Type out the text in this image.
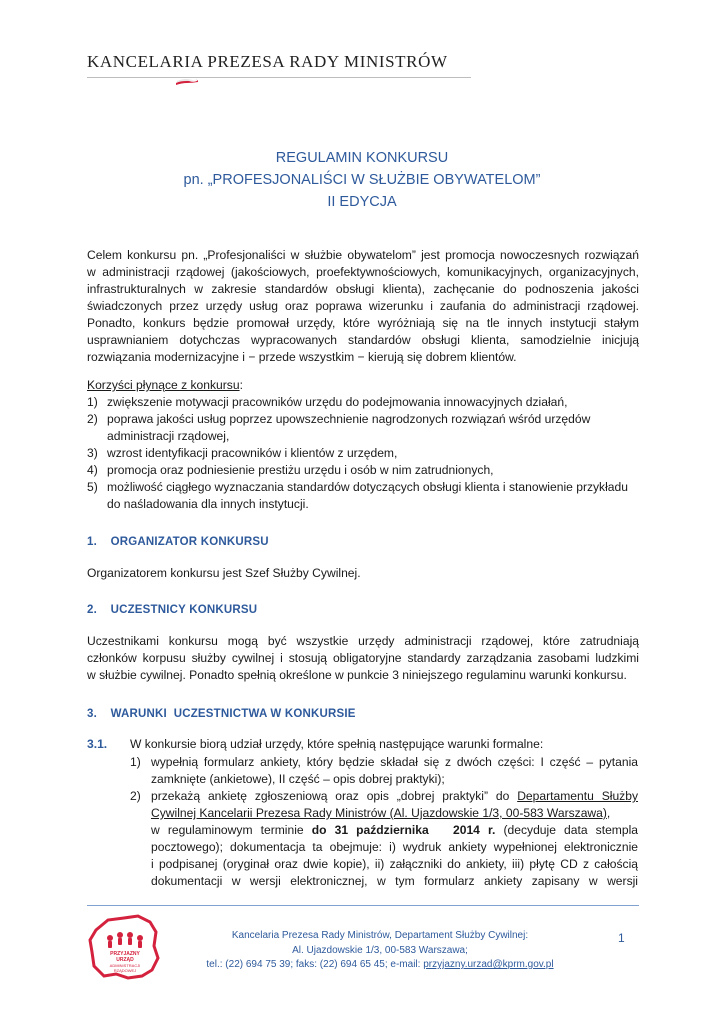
KANCELARIA PREZESA RADY MINISTRÓW
REGULAMIN KONKURSU
pn. „PROFESJONALIŚCI W SŁUŻBIE OBYWATELOM”
II EDYCJA
Celem konkursu pn. „Profesjonaliści w służbie obywatelom” jest promocja nowoczesnych rozwiązań
w administracji rządowej (jakościowych, proefektywnościowych, komunikacyjnych, organizacyjnych,
infrastrukturalnych w zakresie standardów obsługi klienta), zachęcanie do podnoszenia jakości
świadczonych przez urzędy usług oraz poprawa wizerunku i zaufania do administracji rządowej.
Ponadto, konkurs będzie promował urzędy, które wyróżniają się na tle innych instytucji stałym
usprawnianiem dotychczas wypracowanych standardów obsługi klienta, samodzielnie inicjują
rozwiązania modernizacyjne i − przede wszystkim − kierują się dobrem klientów.
Korzyści płynące z konkursu:
1) zwiększenie motywacji pracowników urzędu do podejmowania innowacyjnych działań,
2) poprawa jakości usług poprzez upowszechnienie nagrodzonych rozwiązań wśród urzędów
administracji rządowej,
3) wzrost identyfikacji pracowników i klientów z urzędem,
4) promocja oraz podniesienie prestiżu urzędu i osób w nim zatrudnionych,
5) możliwość ciągłego wyznaczania standardów dotyczących obsługi klienta i stanowienie przykładu
do naśladowania dla innych instytucji.
1.    ORGANIZATOR KONKURSU
Organizatorem konkursu jest Szef Służby Cywilnej.
2.    UCZESTNICY KONKURSU
Uczestnikami konkursu mogą być wszystkie urzędy administracji rządowej, które zatrudniają
członków korpusu służby cywilnej i stosują obligatoryjne standardy zarządzania zasobami ludzkimi
w służbie cywilnej. Ponadto spełnią określone w punkcie 3 niniejszego regulaminu warunki konkursu.
3.    WARUNKI  UCZESTNICTWA W KONKURSIE
3.1. W konkursie biorą udział urzędy, które spełnią następujące warunki formalne:
1) wypełnią formularz ankiety, który będzie składał się z dwóch części: I część – pytania
zamknięte (ankietowe), II część – opis dobrej praktyki);
2) przekażą ankietę zgłoszeniową oraz opis „dobrej praktyki” do Departamentu Służby
Cywilnej Kancelarii Prezesa Rady Ministrów (Al. Ujazdowskie 1/3, 00-583 Warszawa),
w regulaminowym terminie do 31 października   2014 r. (decyduje data stempla
pocztowego); dokumentacja ta obejmuje: i) wydruk ankiety wypełnionej elektronicznie
i podpisanej (oryginał oraz dwie kopie), ii) załączniki do ankiety, iii) płytę CD z całością
dokumentacji w wersji elektronicznej, w tym formularz ankiety zapisany w wersji
PRZYJAZNY
URZĄD
ADMINISTRACJI
RZĄDOWEJ
Kancelaria Prezesa Rady Ministrów, Departament Służby Cywilnej:
Al. Ujazdowskie 1/3, 00-583 Warszawa;
tel.: (22) 694 75 39; faks: (22) 694 65 45; e-mail: przyjazny.urzad@kprm.gov.pl
1
